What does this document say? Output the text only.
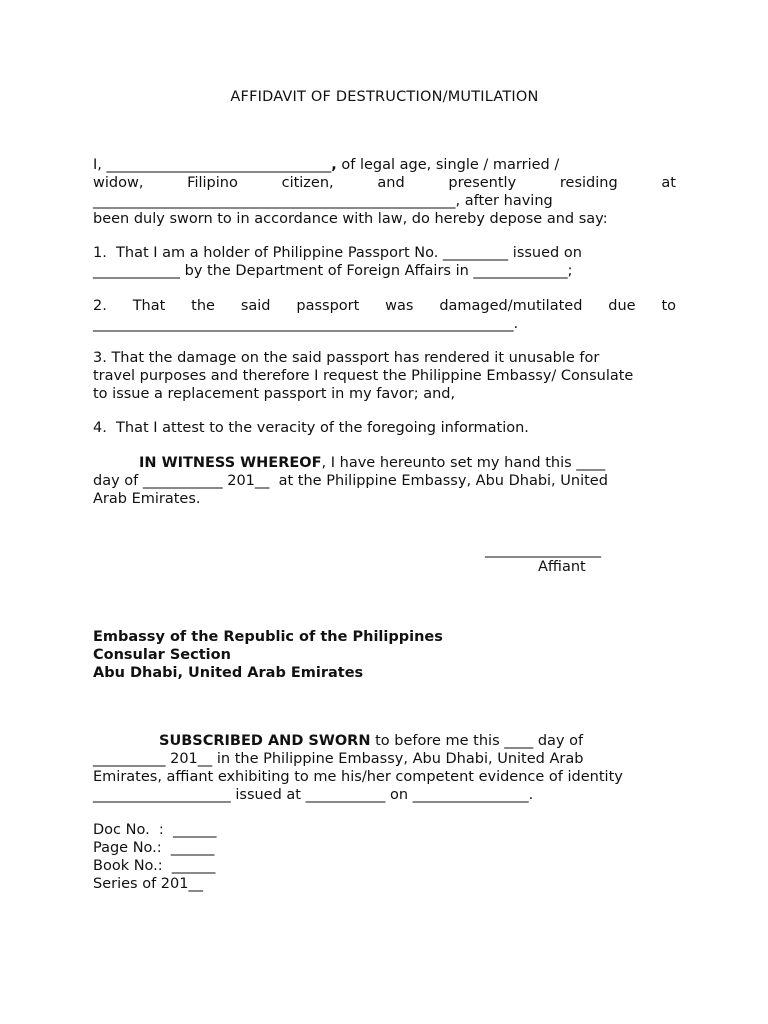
AFFIDAVIT OF DESTRUCTION/MUTILATION
I, _______________________________, of legal age, single / married /
widow, Filipino citizen, and presently residing at
__________________________________________________, after having
been duly sworn to in accordance with law, do hereby depose and say:
1.  That I am a holder of Philippine Passport No. _________ issued on
____________ by the Department of Foreign Affairs in _____________;
2. That the said passport was damaged/mutilated due to
__________________________________________________________.
3. That the damage on the said passport has rendered it unusable for
travel purposes and therefore I request the Philippine Embassy/ Consulate
to issue a replacement passport in my favor; and,
4.  That I attest to the veracity of the foregoing information.
IN WITNESS WHEREOF, I have hereunto set my hand this ____
day of ___________ 201__  at the Philippine Embassy, Abu Dhabi, United
Arab Emirates.
________________
Affiant
Embassy of the Republic of the Philippines
Consular Section
Abu Dhabi, United Arab Emirates
SUBSCRIBED AND SWORN to before me this ____ day of
__________ 201__ in the Philippine Embassy, Abu Dhabi, United Arab
Emirates, affiant exhibiting to me his/her competent evidence of identity
___________________ issued at ___________ on ________________.
Doc No.  :  ______
Page No.:  ______
Book No.:  ______
Series of 201__
